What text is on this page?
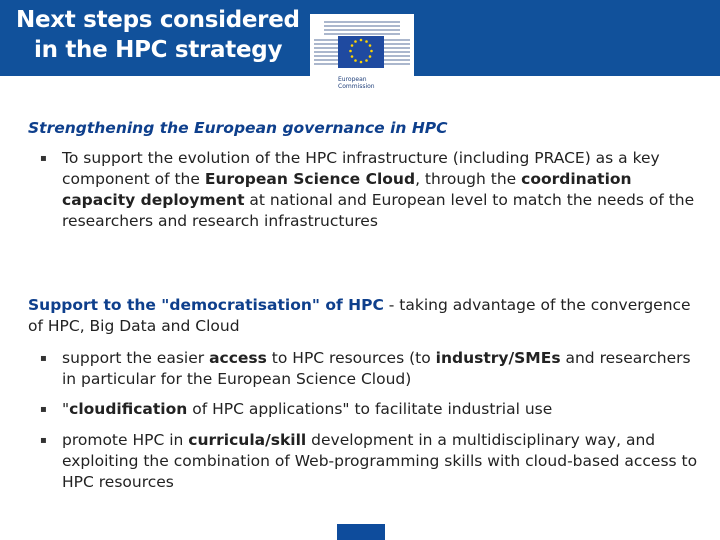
Next steps considered
in the HPC strategy
European
Commission
Strengthening the European governance in HPC
▪ To support the evolution of the HPC infrastructure (including PRACE) as a key component of the European Science Cloud, through the coordination capacity deployment at national and European level to match the needs of the researchers and research infrastructures
Support to the "democratisation" of HPC - taking advantage of the convergence of HPC, Big Data and Cloud
▪ support the easier access to HPC resources (to industry/SMEs and researchers in particular for the European Science Cloud)
▪ "cloudification of HPC applications" to facilitate industrial use
▪ promote HPC in curricula/skill development in a multidisciplinary way, and exploiting the combination of Web-programming skills with cloud-based access to HPC resources
